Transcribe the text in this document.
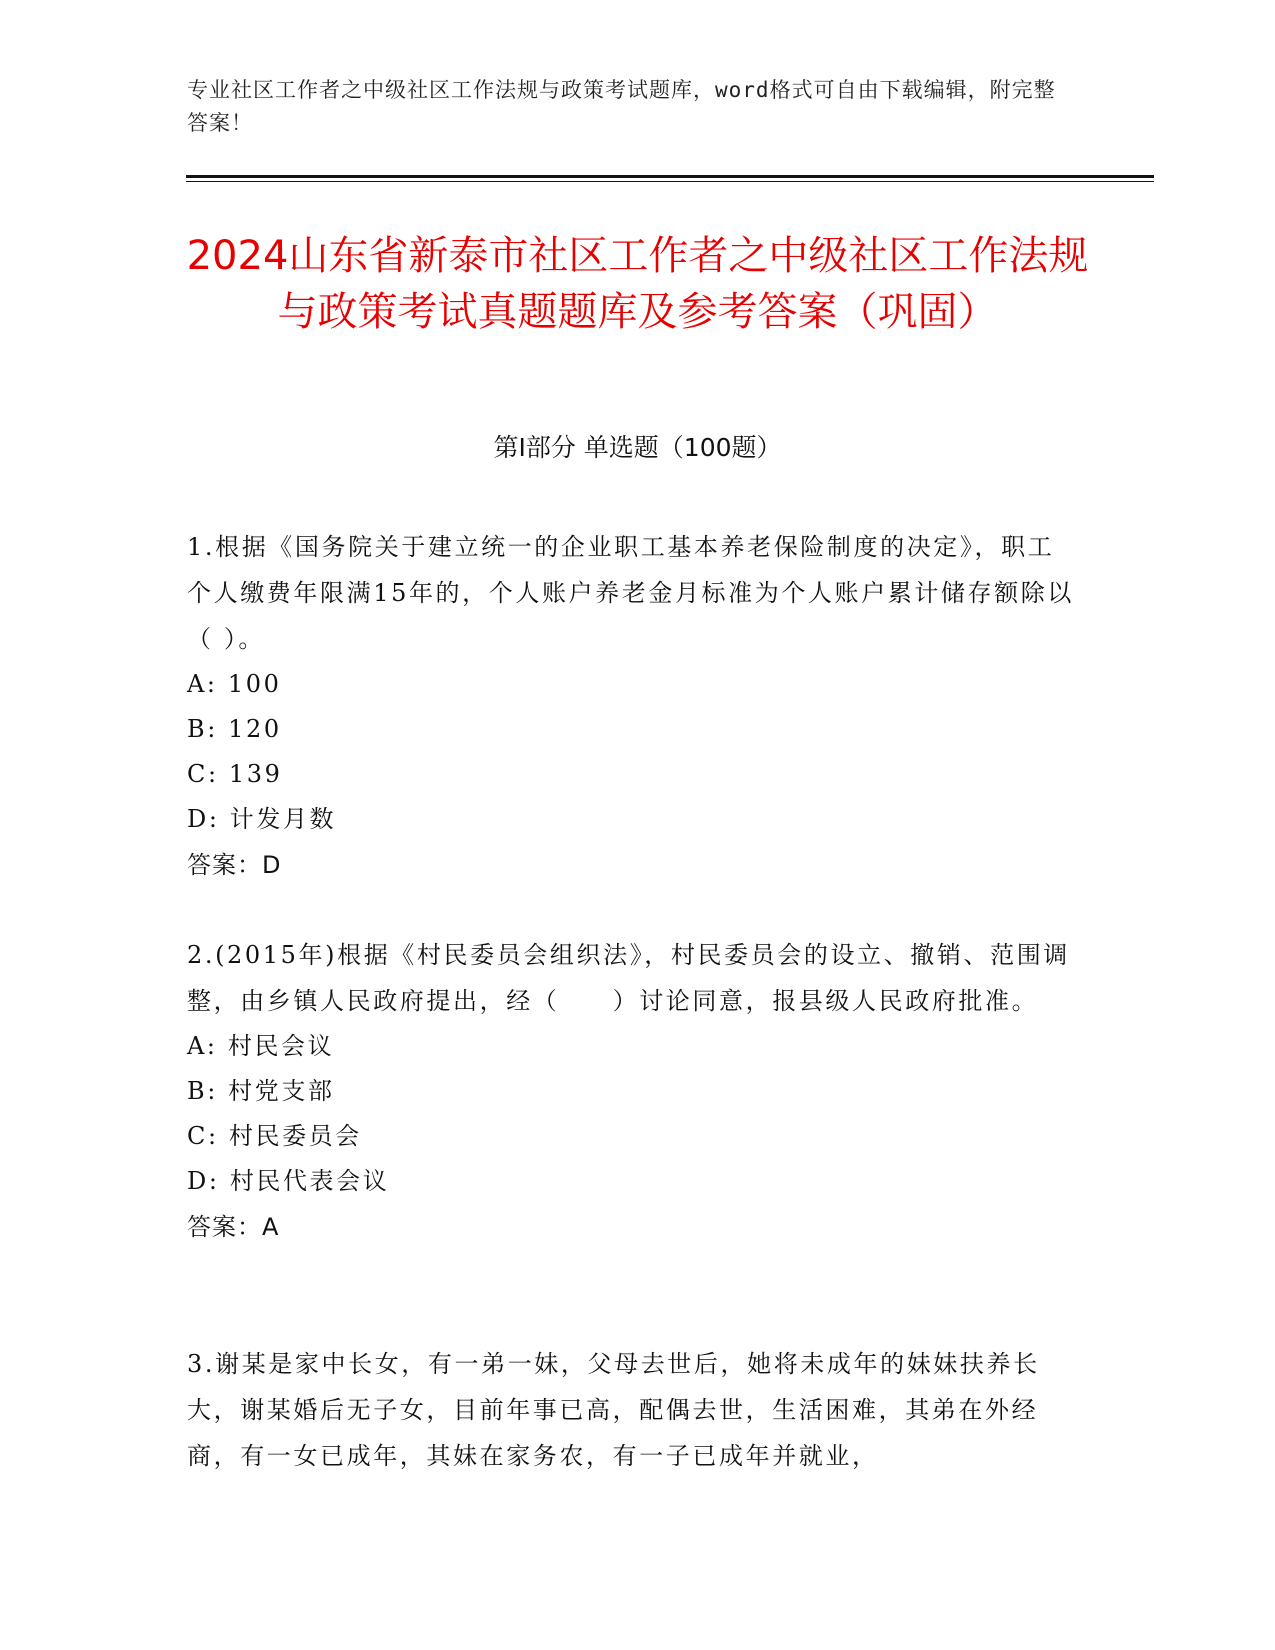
专业社区工作者之中级社区工作法规与政策考试题库，word格式可自由下载编辑，附完整答案！
2024山东省新泰市社区工作者之中级社区工作法规与政策考试真题题库及参考答案（巩固）
第I部分 单选题（100题）

1.根据《国务院关于建立统一的企业职工基本养老保险制度的决定》，职工个人缴费年限满15年的，个人账户养老金月标准为个人账户累计储存额除以（ ）。

A: 100

B: 120

C: 139

D: 计发月数

答案：D

2.(2015年)根据《村民委员会组织法》，村民委员会的设立、撤销、范围调整，由乡镇人民政府提出，经（　　）讨论同意，报县级人民政府批准。

A: 村民会议

B: 村党支部

C: 村民委员会

D: 村民代表会议

答案：A

3.谢某是家中长女，有一弟一妹，父母去世后，她将未成年的妹妹扶养长大，谢某婚后无子女，目前年事已高，配偶去世，生活困难，其弟在外经商，有一女已成年，其妹在家务农，有一子已成年并就业，
